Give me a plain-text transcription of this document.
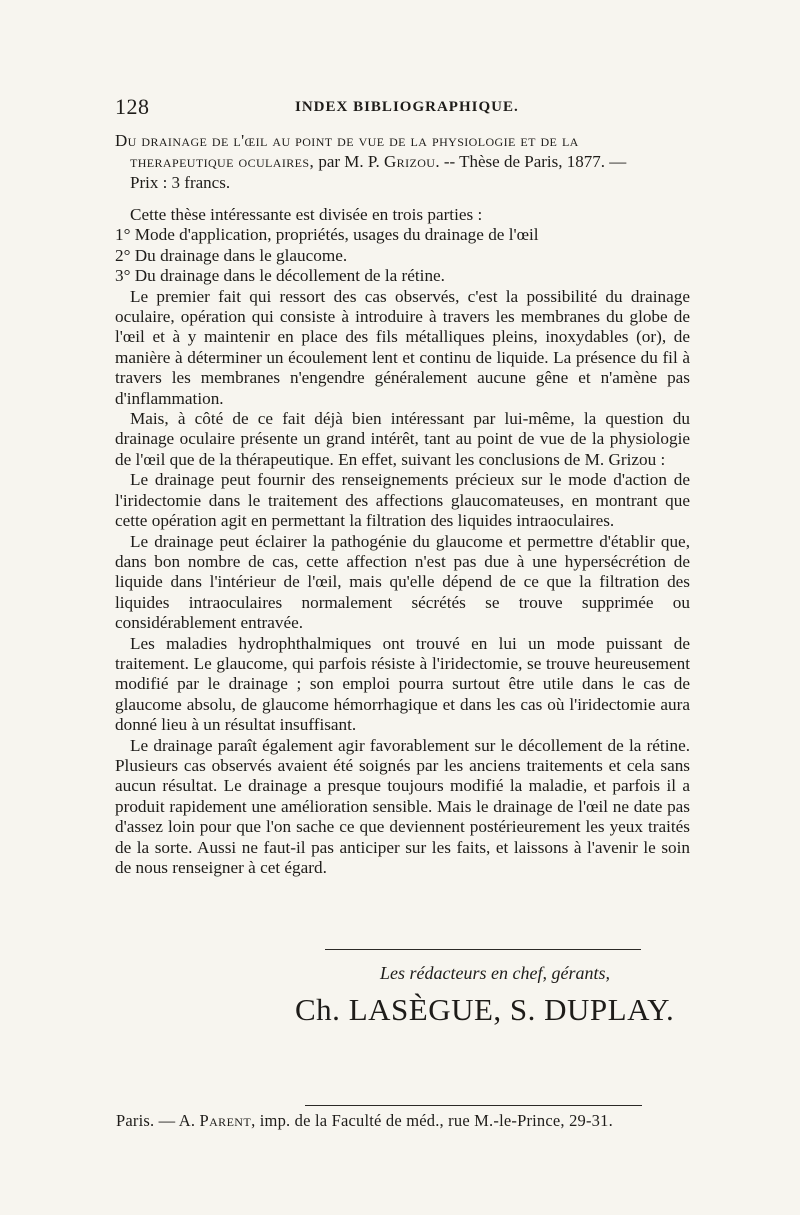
128	INDEX BIBLIOGRAPHIQUE.
Du drainage de l'œil au point de vue de la physiologie et de la
therapeutique oculaires, par M. P. Grizou. -- Thèse de Paris, 1877. —
Prix : 3 francs.

Cette thèse intéressante est divisée en trois parties :

1° Mode d'application, propriétés, usages du drainage de l'œil

2° Du drainage dans le glaucome.

3° Du drainage dans le décollement de la rétine.

Le premier fait qui ressort des cas observés, c'est la possibilité du drainage oculaire, opération qui consiste à introduire à travers les membranes du globe de l'œil et à y maintenir en place des fils métalliques pleins, inoxydables (or), de manière à déterminer un écoulement lent et continu de liquide. La présence du fil à travers les membranes n'engendre généralement aucune gêne et n'amène pas d'inflammation.

Mais, à côté de ce fait déjà bien intéressant par lui-même, la question du drainage oculaire présente un grand intérêt, tant au point de vue de la physiologie de l'œil que de la thérapeutique. En effet, suivant les conclusions de M. Grizou :

Le drainage peut fournir des renseignements précieux sur le mode d'action de l'iridectomie dans le traitement des affections glaucomateuses, en montrant que cette opération agit en permettant la filtration des liquides intraoculaires.

Le drainage peut éclairer la pathogénie du glaucome et permettre d'établir que, dans bon nombre de cas, cette affection n'est pas due à une hypersécrétion de liquide dans l'intérieur de l'œil, mais qu'elle dépend de ce que la filtration des liquides intraoculaires normalement sécrétés se trouve supprimée ou considérablement entravée.

Les maladies hydrophthalmiques ont trouvé en lui un mode puissant de traitement. Le glaucome, qui parfois résiste à l'iridectomie, se trouve heureusement modifié par le drainage ; son emploi pourra surtout être utile dans le cas de glaucome absolu, de glaucome hémorrhagique et dans les cas où l'iridectomie aura donné lieu à un résultat insuffisant.

Le drainage paraît également agir favorablement sur le décollement de la rétine. Plusieurs cas observés avaient été soignés par les anciens traitements et cela sans aucun résultat. Le drainage a presque toujours modifié la maladie, et parfois il a produit rapidement une amélioration sensible. Mais le drainage de l'œil ne date pas d'assez loin pour que l'on sache ce que deviennent postérieurement les yeux traités de la sorte. Aussi ne faut-il pas anticiper sur les faits, et laissons à l'avenir le soin de nous renseigner à cet égard.

Les rédacteurs en chef, gérants,
Ch. LASÈGUE, S. DUPLAY.
Paris. — A. Parent, imp. de la Faculté de méd., rue M.-le-Prince, 29-31.
